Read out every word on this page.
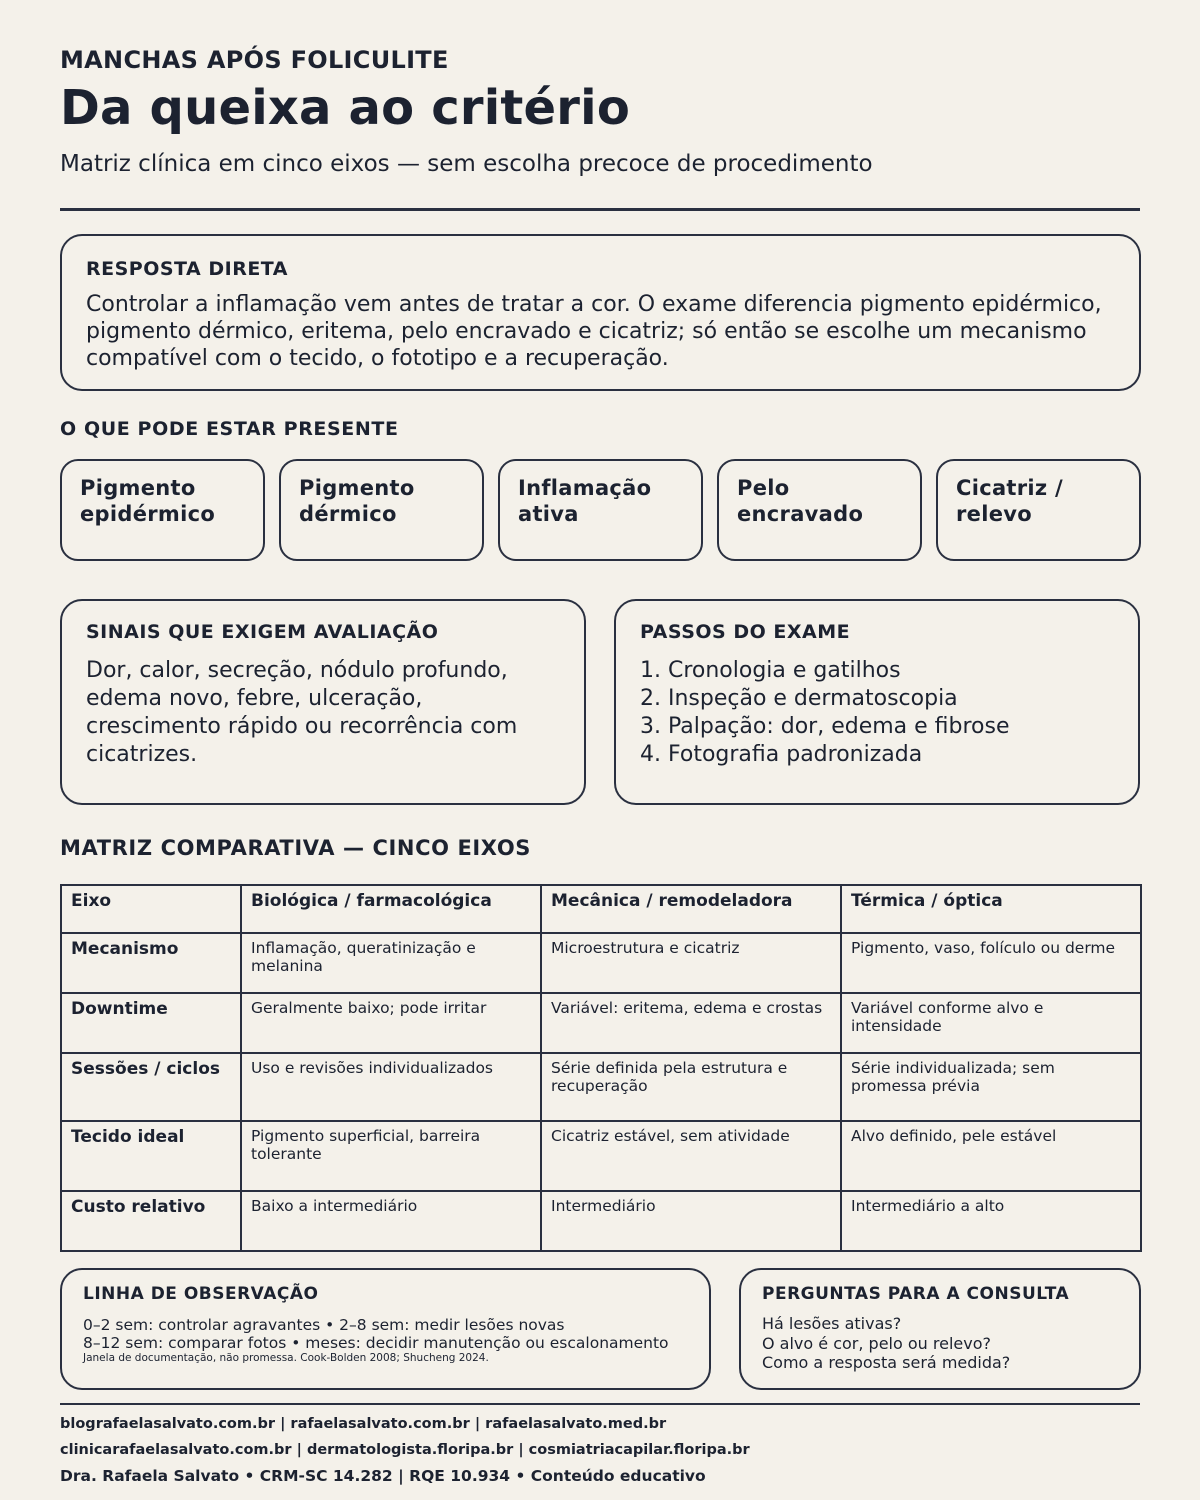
MANCHAS APÓS FOLICULITE
Da queixa ao critério

Matriz clínica em cinco eixos — sem escolha precoce de procedimento

RESPOSTA DIRETA

Controlar a inflamação vem antes de tratar a cor. O exame diferencia pigmento epidérmico, pigmento dérmico, eritema, pelo encravado e cicatriz; só então se escolhe um mecanismo compatível com o tecido, o fototipo e a recuperação.

O QUE PODE ESTAR PRESENTE
Pigmento epidérmico
Pigmento dérmico
Inflamação ativa
Pelo encravado
Cicatriz / relevo
SINAIS QUE EXIGEM AVALIAÇÃO

Dor, calor, secreção, nódulo profundo, edema novo, febre, ulceração, crescimento rápido ou recorrência com cicatrizes.

PASSOS DO EXAME
1. Cronologia e gatilhos
2. Inspeção e dermatoscopia
3. Palpação: dor, edema e fibrose
4. Fotografia padronizada
MATRIZ COMPARATIVA — CINCO EIXOS
Eixo	Biológica / farmacológica	Mecânica / remodeladora	Térmica / óptica
Mecanismo	Inflamação, queratinização e melanina	Microestrutura e cicatriz	Pigmento, vaso, folículo ou derme
Downtime	Geralmente baixo; pode irritar	Variável: eritema, edema e crostas	Variável conforme alvo e intensidade
Sessões / ciclos	Uso e revisões individualizados	Série definida pela estrutura e recuperação	Série individualizada; sem promessa prévia
Tecido ideal	Pigmento superficial, barreira tolerante	Cicatriz estável, sem atividade	Alvo definido, pele estável
Custo relativo	Baixo a intermediário	Intermediário	Intermediário a alto
LINHA DE OBSERVAÇÃO

0–2 sem: controlar agravantes • 2–8 sem: medir lesões novas

8–12 sem: comparar fotos • meses: decidir manutenção ou escalonamento

Janela de documentação, não promessa. Cook-Bolden 2008; Shucheng 2024.

PERGUNTAS PARA A CONSULTA
Há lesões ativas?
O alvo é cor, pelo ou relevo?
Como a resposta será medida?

blografaelasalvato.com.br | rafaelasalvato.com.br | rafaelasalvato.med.br

clinicarafaelasalvato.com.br | dermatologista.floripa.br | cosmiatriacapilar.floripa.br

Dra. Rafaela Salvato • CRM-SC 14.282 | RQE 10.934 • Conteúdo educativo
